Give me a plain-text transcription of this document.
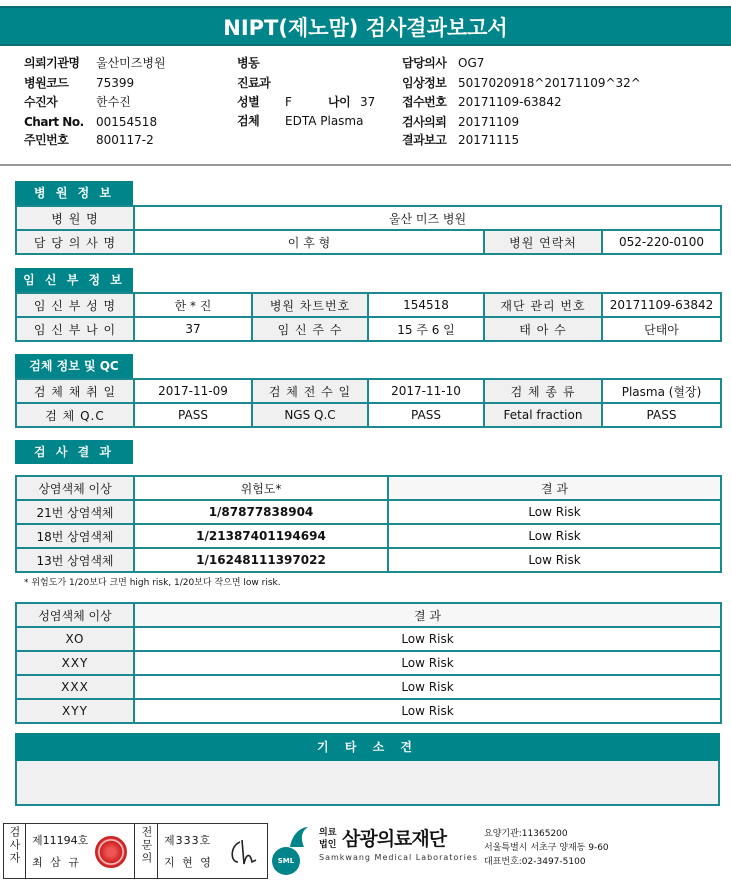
NIPT(제노맘) 검사결과보고서
의뢰기관명 울산미즈병원
병원코드 75399
수진자	한수진
Chart No. 00154518
주민번호 800117-2
병동
진료과
성별 F	나이 37
검체 EDTA Plasma
담당의사 OG7
임상정보 5017020918^20171109^32^
접수번호 20171109-63842
검사의뢰 20171109
결과보고 20171115
병 원 정 보
병 원 명	울산 미즈 병원		
담 당 의 사 명	이 후 형	병원 연락처	052-220-0100
임 신 부 정 보
임 신 부 성 명	한 * 진	병원 차트번호	154518	재단 관리 번호	20171109-63842
임 신 부 나 이	37	임 신 주 수	15 주 6 일	태 아 수	단태아
검체 정보 및 QC
검 체 채 취 일	2017-11-09	검 체 전 수 일	2017-11-10	검 체 종 류	Plasma (혈장)
검 체 Q.C	PASS	NGS Q.C	PASS	Fetal fraction	PASS
검 사 결 과
상염색체 이상	위험도*	결 과
21번 상염색체	1/87877838904	Low Risk
18번 상염색체	1/21387401194694	Low Risk
13번 상염색체	1/16248111397022	Low Risk
* 위험도가 1/20보다 크면 high risk, 1/20보다 작으면 low risk.
성염색체 이상	결 과
XO	Low Risk
XXY	Low Risk
XXX	Low Risk
XYY	Low Risk
기 타 소 견
검사자 제11194호
최 삼 규	전문의 제333호
지 현 영	SML
의료
법인 삼광의료재단
Samkwang Medical Laboratories
요양기관:11365200
서울특별시 서초구 양재동 9-60
대표번호:02-3497-5100
